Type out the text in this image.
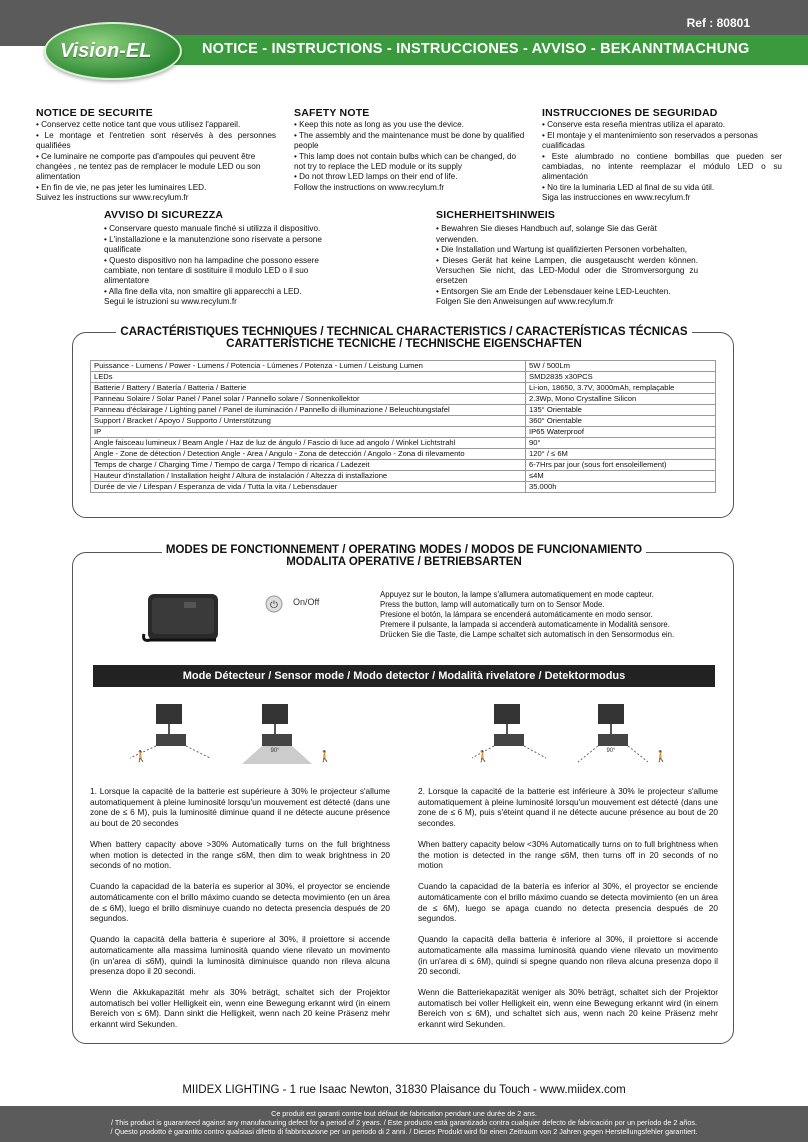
Ref : 80801
NOTICE - INSTRUCTIONS - INSTRUCCIONES - AVVISO - BEKANNTMACHUNG
Vision-EL
NOTICE DE SECURITE
• Conservez cette notice tant que vous utilisez l'appareil.
• Le montage et l'entretien sont réservés à des personnes qualifiées
• Ce luminaire ne comporte pas d'ampoules qui peuvent être changées , ne tentez pas de remplacer le module LED ou son alimentation
• En fin de vie, ne pas jeter les luminaires LED.
Suivez les instructions sur www.recylum.fr
SAFETY NOTE
• Keep this note as long as you use the device.
• The assembly and the maintenance must be done by qualified people
• This lamp does not contain bulbs which can be changed, do not try to replace the LED module or its supply
• Do not throw LED lamps on their end of life.
Follow the instructions on www.recylum.fr
INSTRUCCIONES DE SEGURIDAD
• Conserve esta reseña mientras utiliza el aparato.
• El montaje y el mantenimiento son reservados a personas cualificadas
• Este alumbrado no contiene bombillas que pueden ser cambiadas, no intente reemplazar el módulo LED o su alimentación
• No tire la luminaria LED al final de su vida útil.
Siga las instrucciones en www.recylum.fr
AVVISO DI SICUREZZA
• Conservare questo manuale finché si utilizza il dispositivo.
• L'installazione e la manutenzione sono riservate a persone qualificate
• Questo dispositivo non ha lampadine che possono essere cambiate, non tentare di sostituire il modulo LED o il suo alimentatore
• Alla fine della vita, non smaltire gli apparecchi a LED.
Segui le istruzioni su www.recylum.fr
SICHERHEITSHINWEIS
• Bewahren Sie dieses Handbuch auf, solange Sie das Gerät verwenden.
• Die Installation und Wartung ist qualifizierten Personen vorbehalten,
• Dieses Gerät hat keine Lampen, die ausgetauscht werden können. Versuchen Sie nicht, das LED-Modul oder die Stromversorgung zu ersetzen
• Entsorgen Sie am Ende der Lebensdauer keine LED-Leuchten.
Folgen Sie den Anweisungen auf www.recylum.fr
CARACTÉRISTIQUES TECHNIQUES / TECHNICAL CHARACTERISTICS / CARACTERÍSTICAS TÉCNICAS
CARATTERISTICHE TECNICHE / TECHNISCHE EIGENSCHAFTEN
Puissance - Lumens / Power - Lumens / Potencia - Lúmenes / Potenza - Lumen / Leistung Lumen	5W / 500Lm
LEDs	SMD2835 x30PCS
Batterie / Battery / Batería / Batteria / Batterie	Li-ion, 18650, 3.7V, 3000mAh, remplaçable
Panneau Solaire / Solar Panel / Panel solar / Pannello solare / Sonnenkollektor	2.3Wp, Mono Crystalline Silicon
Panneau d'éclairage / Lighting panel / Panel de iluminación / Pannello di illuminazione / Beleuchtungstafel	135° Orientable
Support / Bracket / Apoyo / Supporto / Unterstützung	360° Orientable
IP	IP65 Waterproof
Angle faisceau lumineux / Beam Angle / Haz de luz de ángulo / Fascio di luce ad angolo / Winkel Lichtstrahl	90°
Angle - Zone de détection / Detection Angle - Area / Angulo - Zona de detección / Angolo - Zona di rilevamento	120° / ≤ 6M
Temps de charge / Charging Time / Tiempo de carga / Tempo di ricarica / Ladezeit	6-7Hrs par jour (sous fort ensoleillement)
Hauteur d'installation / Installation height / Altura de instalación / Altezza di installazione	≤4M
Durée de vie / Lifespan / Esperanza de vida / Tutta la vita / Lebensdauer	35.000h
MODES DE FONCTIONNEMENT / OPERATING MODES / MODOS DE FUNCIONAMIENTO
MODALITA OPERATIVE / BETRIEBSARTEN
⏻ On/Off
Appuyez sur le bouton, la lampe s'allumera automatiquement en mode capteur.
Press the button, lamp will automatically turn on to Sensor Mode.
Presione el botón, la lámpara se encenderá automáticamente en modo sensor.
Premere il pulsante, la lampada si accenderà automaticamente in Modalità sensore.
Drücken Sie die Taste, die Lampe schaltet sich automatisch in den Sensormodus ein.
Mode Détecteur / Sensor mode / Modo detector / Modalità rivelatore / Detektormodus
🚶	90°	🚶	🚶	90°	🚶

1. Lorsque la capacité de la batterie est supérieure à 30% le projecteur s'allume automatiquement à pleine luminosité lorsqu'un mouvement est détecté (dans une zone de ≤ 6 M), puis la luminosité diminue quand il ne détecte aucune présence au bout de 20 secondes

When battery capacity above >30% Automatically turns on the full brightness when motion is detected in the range ≤6M, then dim to weak brightness in 20 seconds of no motion.

Cuando la capacidad de la batería es superior al 30%, el proyector se enciende automáticamente con el brillo máximo cuando se detecta movimiento (en un área de ≤ 6M), luego el brillo disminuye cuando no detecta presencia después de 20 segundos.

Quando la capacità della batteria è superiore al 30%, il proiettore si accende automaticamente alla massima luminosità quando viene rilevato un movimento (in un'area di ≤6M), quindi la luminosità diminuisce quando non rileva alcuna presenza dopo il 20 secondi.

Wenn die Akkukapazität mehr als 30% beträgt, schaltet sich der Projektor automatisch bei voller Helligkeit ein, wenn eine Bewegung erkannt wird (in einem Bereich von ≤ 6M). Dann sinkt die Helligkeit, wenn nach 20 keine Präsenz mehr erkannt wird Sekunden.

2. Lorsque la capacité de la batterie est inférieure à 30% le projecteur s'allume automatiquement à pleine luminosité lorsqu'un mouvement est détecté (dans une zone de ≤ 6 M), puis s'éteint quand il ne détecte aucune présence au bout de 20 secondes.

When battery capacity below <30% Automatically turns on to full brightness when the motion is detected in the range ≤6M, then turns off in 20 seconds of no motion

Cuando la capacidad de la batería es inferior al 30%, el proyector se enciende automáticamente con el brillo máximo cuando se detecta movimiento (en un área de ≤ 6M), luego se apaga cuando no detecta presencia después de 20 segundos.

Quando la capacità della batteria è inferiore al 30%, il proiettore si accende automaticamente alla massima luminosità quando viene rilevato un movimento (in un'area di ≤ 6M), quindi si spegne quando non rileva alcuna presenza dopo il 20 secondi.

Wenn die Batteriekapazität weniger als 30% beträgt, schaltet sich der Projektor automatisch bei voller Helligkeit ein, wenn eine Bewegung erkannt wird (in einem Bereich von ≤ 6M), und schaltet sich aus, wenn nach 20 keine Präsenz mehr erkannt wird Sekunden.

MIIDEX LIGHTING - 1 rue Isaac Newton, 31830 Plaisance du Touch - www.miidex.com
Ce produit est garanti contre tout défaut de fabrication pendant une durée de 2 ans.
/ This product is guaranteed against any manufacturing defect for a period of 2 years. / Este producto está garantizado contra cualquier defecto de fabricación por un período de 2 años.
/ Questo prodotto è garantito contro qualsiasi difetto di fabbricazione per un periodo di 2 anni. / Dieses Produkt wird für einen Zeitraum von 2 Jahren gegen Herstellungsfehler garantiert.
